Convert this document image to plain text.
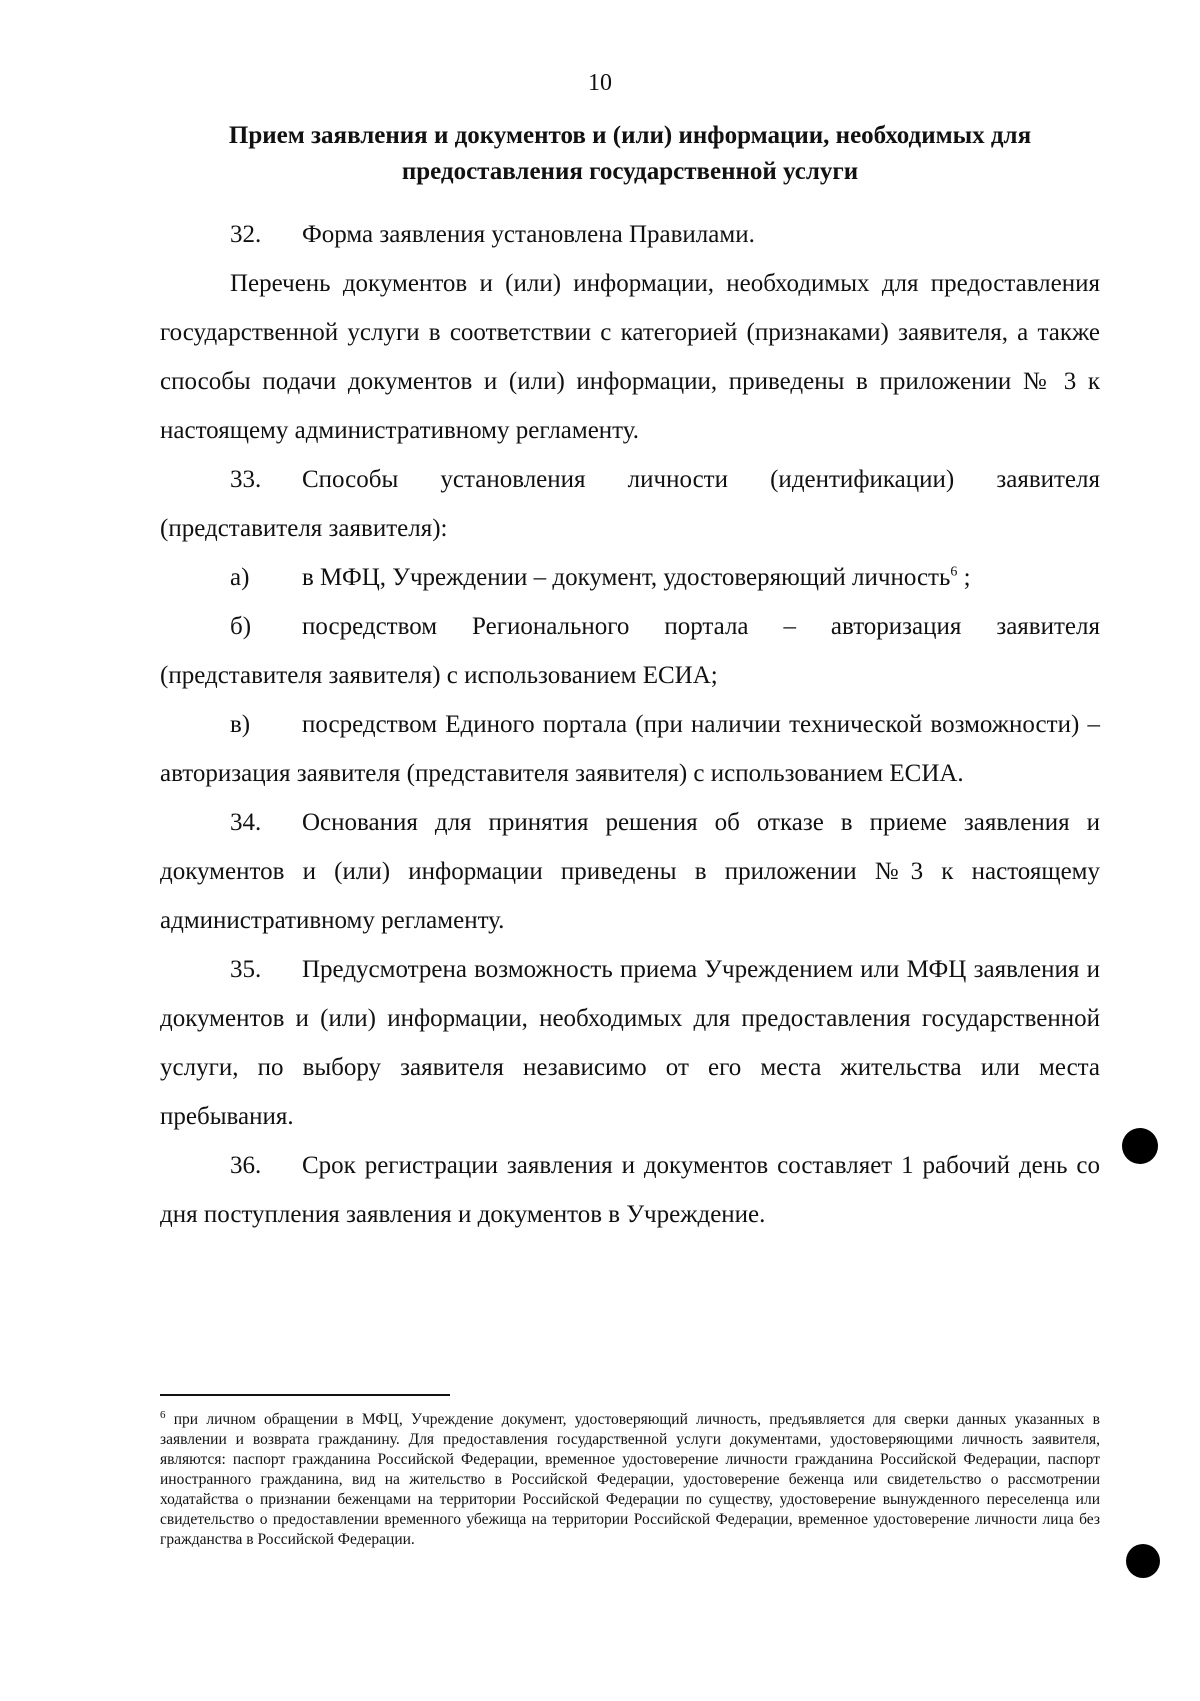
10
Прием заявления и документов и (или) информации, необходимых для предоставления государственной услуги

32. Форма заявления установлена Правилами.

Перечень документов и (или) информации, необходимых для предоставления государственной услуги в соответствии с категорией (признаками) заявителя, а также способы подачи документов и (или) информации, приведены в приложении № 3 к настоящему административному регламенту.

33. Способы установления личности (идентификации) заявителя (представителя заявителя):

а) в МФЦ, Учреждении – документ, удостоверяющий личность$^6$ ;

б) посредством Регионального портала – авторизация заявителя (представителя заявителя) с использованием ЕСИА;

в) посредством Единого портала (при наличии технической возможности) – авторизация заявителя (представителя заявителя) с использованием ЕСИА.

34. Основания для принятия решения об отказе в приеме заявления и документов и (или) информации приведены в приложении №3 к настоящему административному регламенту.

35. Предусмотрена возможность приема Учреждением или МФЦ заявления и документов и (или) информации, необходимых для предоставления государственной услуги, по выбору заявителя независимо от его места жительства или места пребывания.

36. Срок регистрации заявления и документов составляет 1 рабочий день со дня поступления заявления и документов в Учреждение.

$^6$ при личном обращении в МФЦ, Учреждение документ, удостоверяющий личность, предъявляется для сверки данных указанных в заявлении и возврата гражданину. Для предоставления государственной услуги документами, удостоверяющими личность заявителя, являются: паспорт гражданина Российской Федерации, временное удостоверение личности гражданина Российской Федерации, паспорт иностранного гражданина, вид на жительство в Российской Федерации, удостоверение беженца или свидетельство о рассмотрении ходатайства о признании беженцами на территории Российской Федерации по существу, удостоверение вынужденного переселенца или свидетельство о предоставлении временного убежища на территории Российской Федерации, временное удостоверение личности лица без гражданства в Российской Федерации.
